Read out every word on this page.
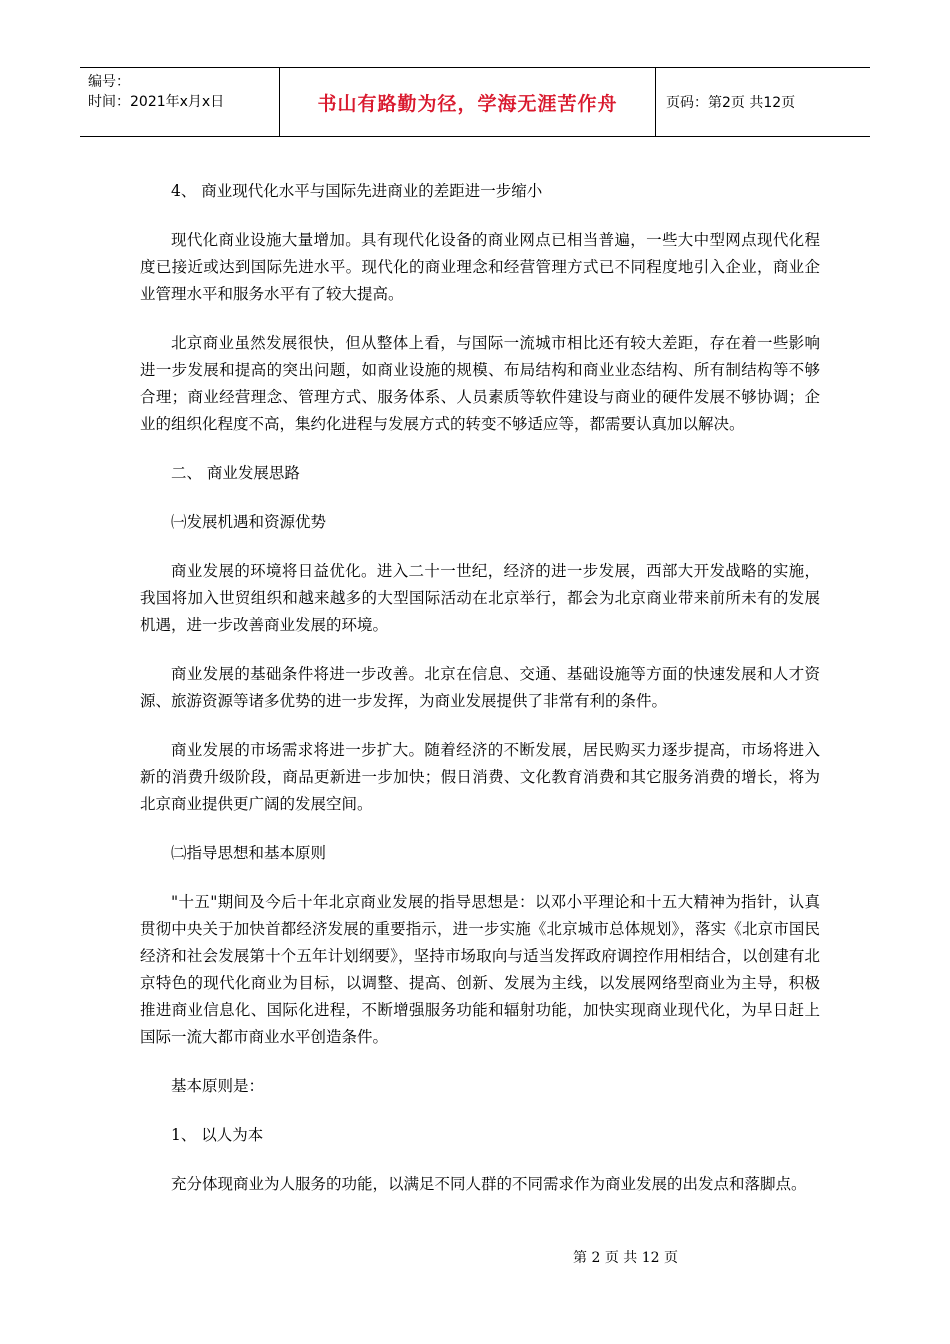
编号：
时间：2021年x月x日	书山有路勤为径，学海无涯苦作舟	页码：第2页 共12页

4、 商业现代化水平与国际先进商业的差距进一步缩小

现代化商业设施大量增加。具有现代化设备的商业网点已相当普遍，一些大中型网点现代化程度已接近或达到国际先进水平。现代化的商业理念和经营管理方式已不同程度地引入企业，商业企业管理水平和服务水平有了较大提高。

北京商业虽然发展很快，但从整体上看，与国际一流城市相比还有较大差距，存在着一些影响进一步发展和提高的突出问题，如商业设施的规模、布局结构和商业业态结构、所有制结构等不够合理；商业经营理念、管理方式、服务体系、人员素质等软件建设与商业的硬件发展不够协调；企业的组织化程度不高，集约化进程与发展方式的转变不够适应等，都需要认真加以解决。

二、 商业发展思路

㈠发展机遇和资源优势

商业发展的环境将日益优化。进入二十一世纪，经济的进一步发展，西部大开发战略的实施，我国将加入世贸组织和越来越多的大型国际活动在北京举行，都会为北京商业带来前所未有的发展机遇，进一步改善商业发展的环境。

商业发展的基础条件将进一步改善。北京在信息、交通、基础设施等方面的快速发展和人才资源、旅游资源等诸多优势的进一步发挥，为商业发展提供了非常有利的条件。

商业发展的市场需求将进一步扩大。随着经济的不断发展，居民购买力逐步提高，市场将进入新的消费升级阶段，商品更新进一步加快；假日消费、文化教育消费和其它服务消费的增长，将为北京商业提供更广阔的发展空间。

㈡指导思想和基本原则

"十五"期间及今后十年北京商业发展的指导思想是：以邓小平理论和十五大精神为指针，认真贯彻中央关于加快首都经济发展的重要指示，进一步实施《北京城市总体规划》，落实《北京市国民经济和社会发展第十个五年计划纲要》，坚持市场取向与适当发挥政府调控作用相结合，以创建有北京特色的现代化商业为目标，以调整、提高、创新、发展为主线，以发展网络型商业为主导，积极推进商业信息化、国际化进程，不断增强服务功能和辐射功能，加快实现商业现代化，为早日赶上国际一流大都市商业水平创造条件。

基本原则是：

1、 以人为本

充分体现商业为人服务的功能，以满足不同人群的不同需求作为商业发展的出发点和落脚点。

第 2 页 共 12 页
